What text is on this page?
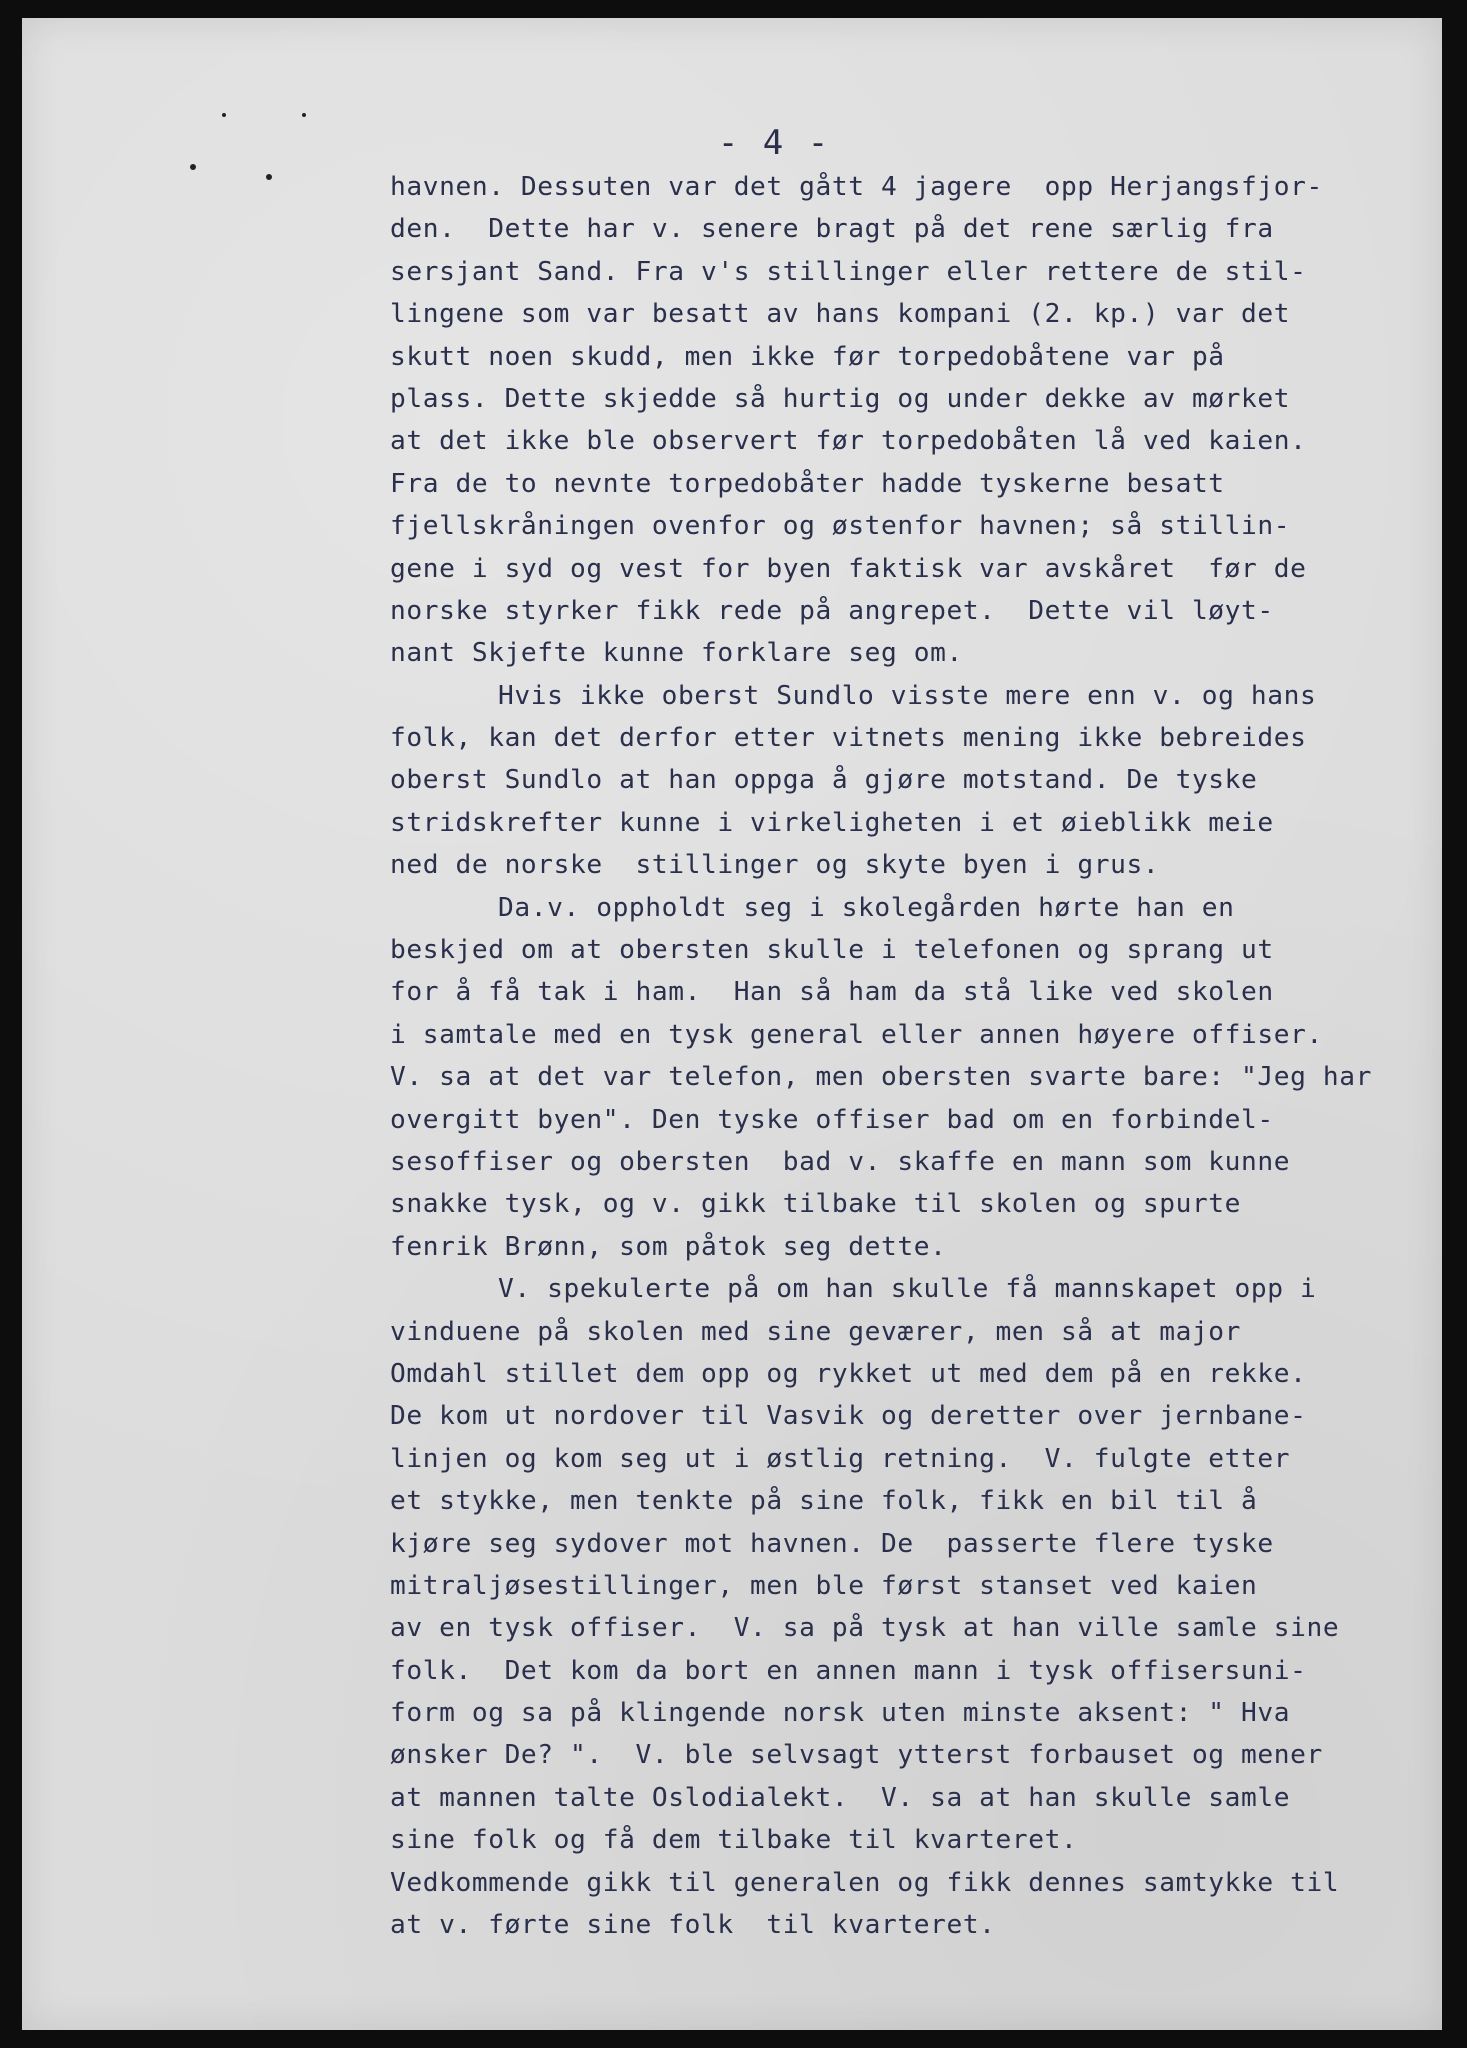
- 4 -
havnen. Dessuten var det gått 4 jagere  opp Herjangsfjor-
den.  Dette har v. senere bragt på det rene særlig fra
sersjant Sand. Fra v's stillinger eller rettere de stil-
lingene som var besatt av hans kompani (2. kp.) var det
skutt noen skudd, men ikke før torpedobåtene var på
plass. Dette skjedde så hurtig og under dekke av mørket
at det ikke ble observert før torpedobåten lå ved kaien.
Fra de to nevnte torpedobåter hadde tyskerne besatt
fjellskråningen ovenfor og østenfor havnen; så stillin-
gene i syd og vest for byen faktisk var avskåret  før de
norske styrker fikk rede på angrepet.  Dette vil løyt-
nant Skjefte kunne forklare seg om.
Hvis ikke oberst Sundlo visste mere enn v. og hans
folk, kan det derfor etter vitnets mening ikke bebreides
oberst Sundlo at han oppga å gjøre motstand. De tyske
stridskrefter kunne i virkeligheten i et øieblikk meie
ned de norske  stillinger og skyte byen i grus.
Da.v. oppholdt seg i skolegården hørte han en
beskjed om at obersten skulle i telefonen og sprang ut
for å få tak i ham.  Han så ham da stå like ved skolen
i samtale med en tysk general eller annen høyere offiser.
V. sa at det var telefon, men obersten svarte bare: "Jeg har
overgitt byen". Den tyske offiser bad om en forbindel-
sesoffiser og obersten  bad v. skaffe en mann som kunne
snakke tysk, og v. gikk tilbake til skolen og spurte
fenrik Brønn, som påtok seg dette.
V. spekulerte på om han skulle få mannskapet opp i
vinduene på skolen med sine geværer, men så at major
Omdahl stillet dem opp og rykket ut med dem på en rekke.
De kom ut nordover til Vasvik og deretter over jernbane-
linjen og kom seg ut i østlig retning.  V. fulgte etter
et stykke, men tenkte på sine folk, fikk en bil til å
kjøre seg sydover mot havnen. De  passerte flere tyske
mitraljøsestillinger, men ble først stanset ved kaien
av en tysk offiser.  V. sa på tysk at han ville samle sine
folk.  Det kom da bort en annen mann i tysk offisersuni-
form og sa på klingende norsk uten minste aksent: " Hva
ønsker De? ".  V. ble selvsagt ytterst forbauset og mener
at mannen talte Oslodialekt.  V. sa at han skulle samle
sine folk og få dem tilbake til kvarteret.
Vedkommende gikk til generalen og fikk dennes samtykke til
at v. førte sine folk  til kvarteret.
